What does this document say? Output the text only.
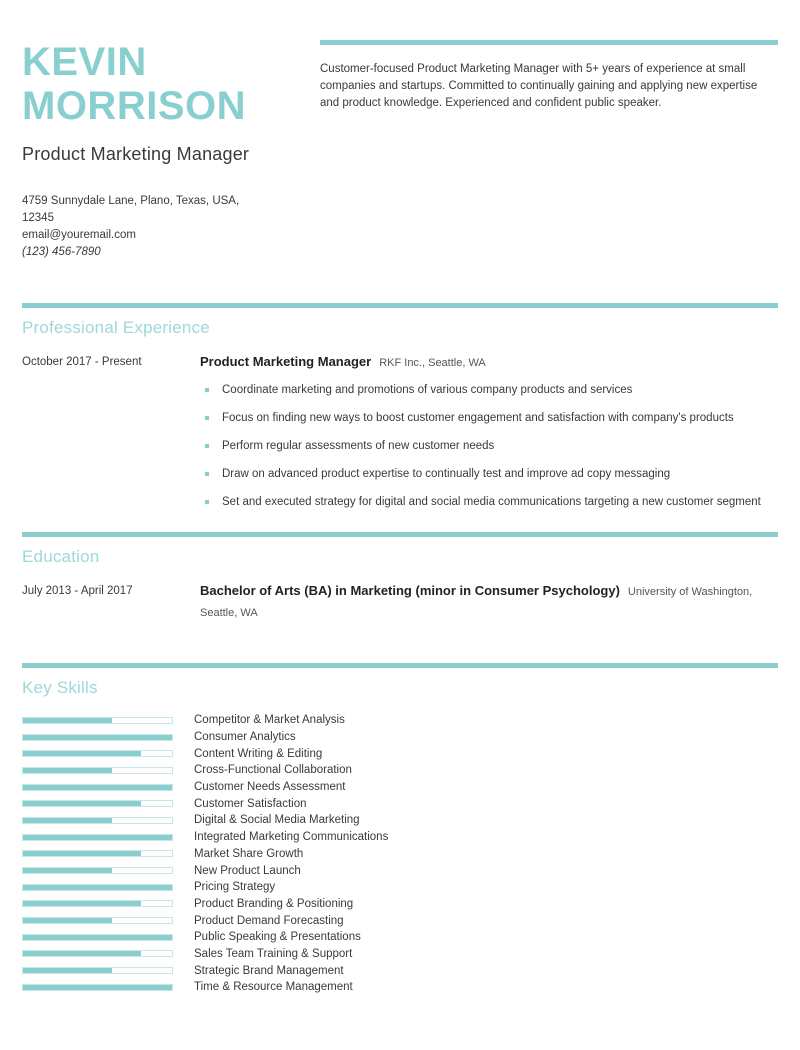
KEVIN
MORRISON
Product Marketing Manager
4759 Sunnydale Lane, Plano, Texas, USA,
12345
email@youremail.com
(123) 456-7890
Customer-focused Product Marketing Manager with 5+ years of experience at small companies and startups. Committed to continually gaining and applying new expertise and product knowledge. Experienced and confident public speaker.
Professional Experience
October 2017 - Present	Product Marketing Manager RKF Inc., Seattle, WA
Coordinate marketing and promotions of various company products and services
Focus on finding new ways to boost customer engagement and satisfaction with company's products
Perform regular assessments of new customer needs
Draw on advanced product expertise to continually test and improve ad copy messaging
Set and executed strategy for digital and social media communications targeting a new customer segment
Education
July 2013 - April 2017	Bachelor of Arts (BA) in Marketing (minor in Consumer Psychology) University of Washington, Seattle, WA
Key Skills
Competitor & Market Analysis
Consumer Analytics
Content Writing & Editing
Cross-Functional Collaboration
Customer Needs Assessment
Customer Satisfaction
Digital & Social Media Marketing
Integrated Marketing Communications
Market Share Growth
New Product Launch
Pricing Strategy
Product Branding & Positioning
Product Demand Forecasting
Public Speaking & Presentations
Sales Team Training & Support
Strategic Brand Management
Time & Resource Management
